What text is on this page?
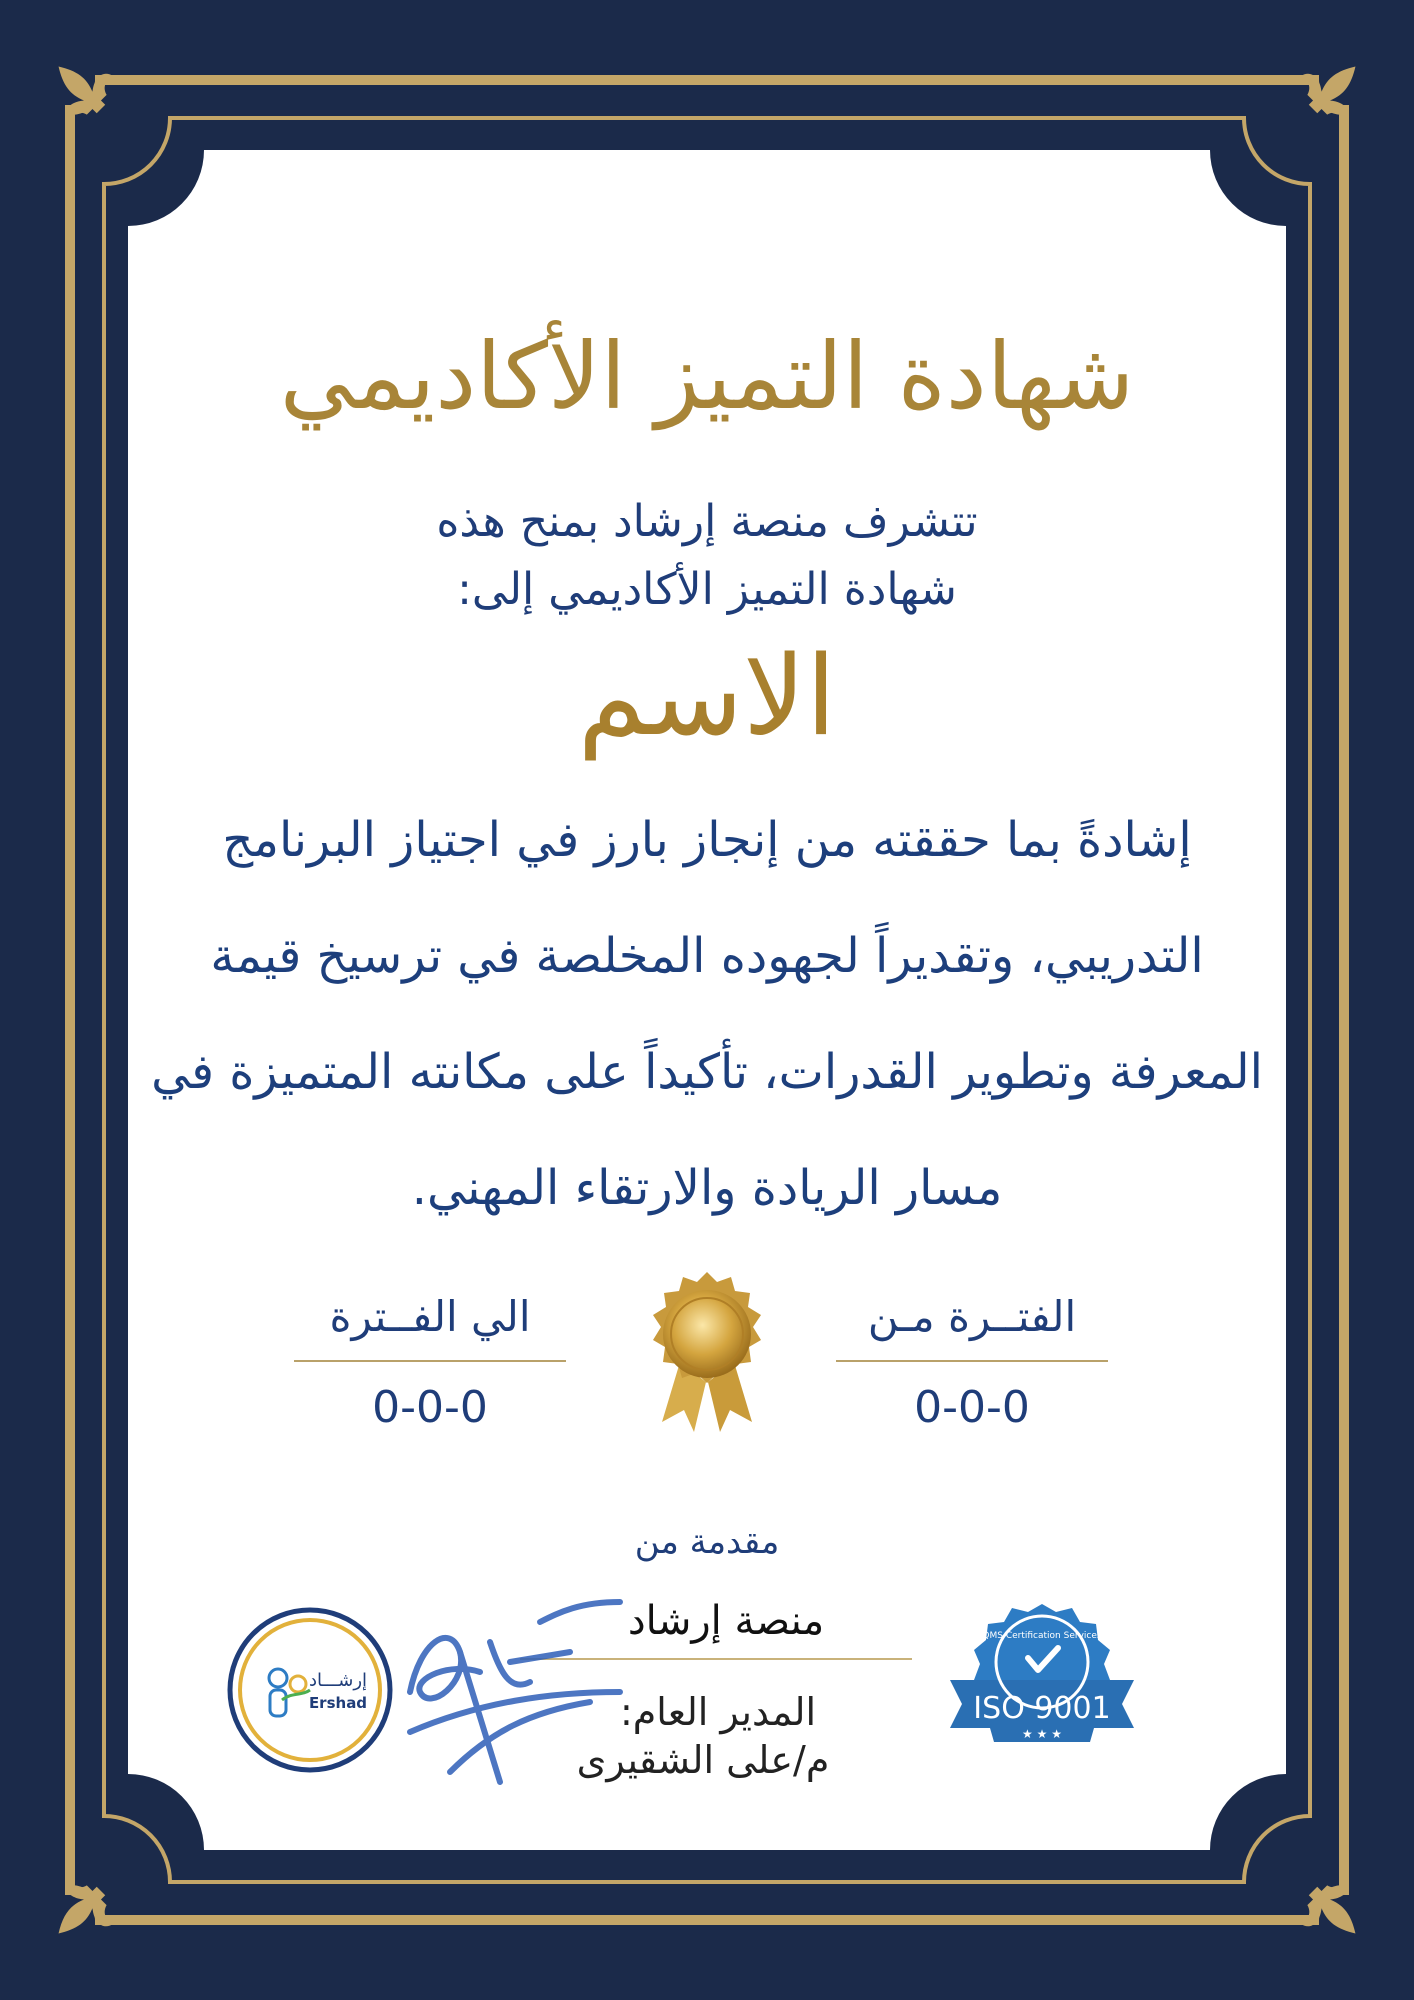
شهادة التميز الأكاديمي
تتشرف منصة إرشاد بمنح هذه
شهادة التميز الأكاديمي إلى:
الاسم
إشادةً بما حققته من إنجاز بارز في اجتياز البرنامج التدريبي، وتقديراً لجهوده المخلصة في ترسيخ قيمة المعرفة وتطوير القدرات، تأكيداً على مكانته المتميزة في مسار الريادة والارتقاء المهني.
الفتــرة مـن
0-0-0
الي الفــترة
0-0-0
مقدمة من
QMS Certification Services
ISO 9001
★ ★ ★
منصة إرشاد
المدير العام:
م/على الشقيرى
إرشـــاد
Ershad
